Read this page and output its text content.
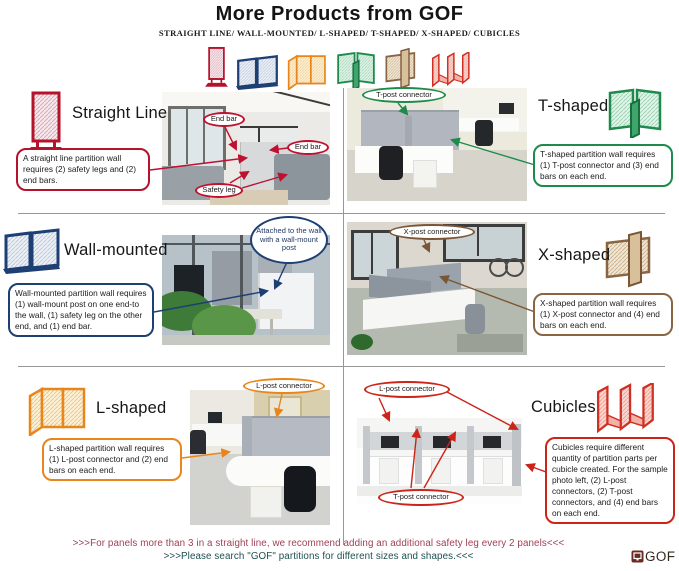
More Products from GOF
STRAIGHT LINE/ WALL-MOUNTED/ L-SHAPED/ T-SHAPED/ X-SHAPED/ CUBICLES
Straight Line
A straight line partition wall requires (2) safety legs and (2) end bars.
End bar
End bar
Safety leg
T-post connector
T-shaped
T-shaped partition wall requires (1) T-post connector and (3) end bars on each end.
Wall-mounted
Wall-mounted partition wall requires (1) wall-mount post on one end-to the wall, (1) safety leg on the other end, and (1) end bar.
Attached to the wall with a wall-mount post
X-post connector
X-shaped
X-shaped partition wall requires (1) X-post connector and (4) end bars on each end.
L-shaped
L-shaped partition wall requires (1) L-post connector and (2) end bars on each end.
L-post connector	L-post connector
T-post connector
Cubicles
Cubicles require different quantity of partition parts per cubicle created. For the sample photo left, (2) L-post connectors, (2) T-post connectors, and (4) end bars on each end.
>>>For panels more than 3 in a straight line, we recommend adding an additional safety leg every 2 panels<<<
>>>Please search "GOF" partitions for different sizes and shapes.<<<	GOF
